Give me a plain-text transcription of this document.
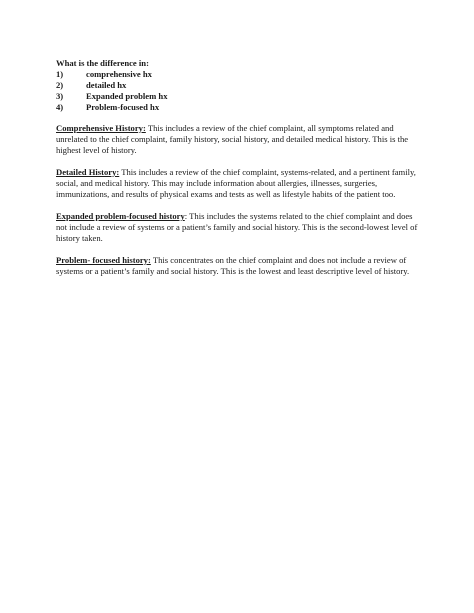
What is the difference in:

1)	comprehensive hx
2)	detailed hx
3)	Expanded problem hx
4)	Problem-focused hx

Comprehensive History: This includes a review of the chief complaint, all symptoms related and unrelated to the chief complaint, family history, social history, and detailed medical history. This is the highest level of history.

Detailed History: This includes a review of the chief complaint, systems-related, and a pertinent family, social, and medical history. This may include information about allergies, illnesses, surgeries, immunizations, and results of physical exams and tests as well as lifestyle habits of the patient too.

Expanded problem-focused history: This includes the systems related to the chief complaint and does not include a review of systems or a patient’s family and social history. This is the second-lowest level of history taken.

Problem- focused history: This concentrates on the chief complaint and does not include a review of systems or a patient’s family and social history. This is the lowest and least descriptive level of history.
